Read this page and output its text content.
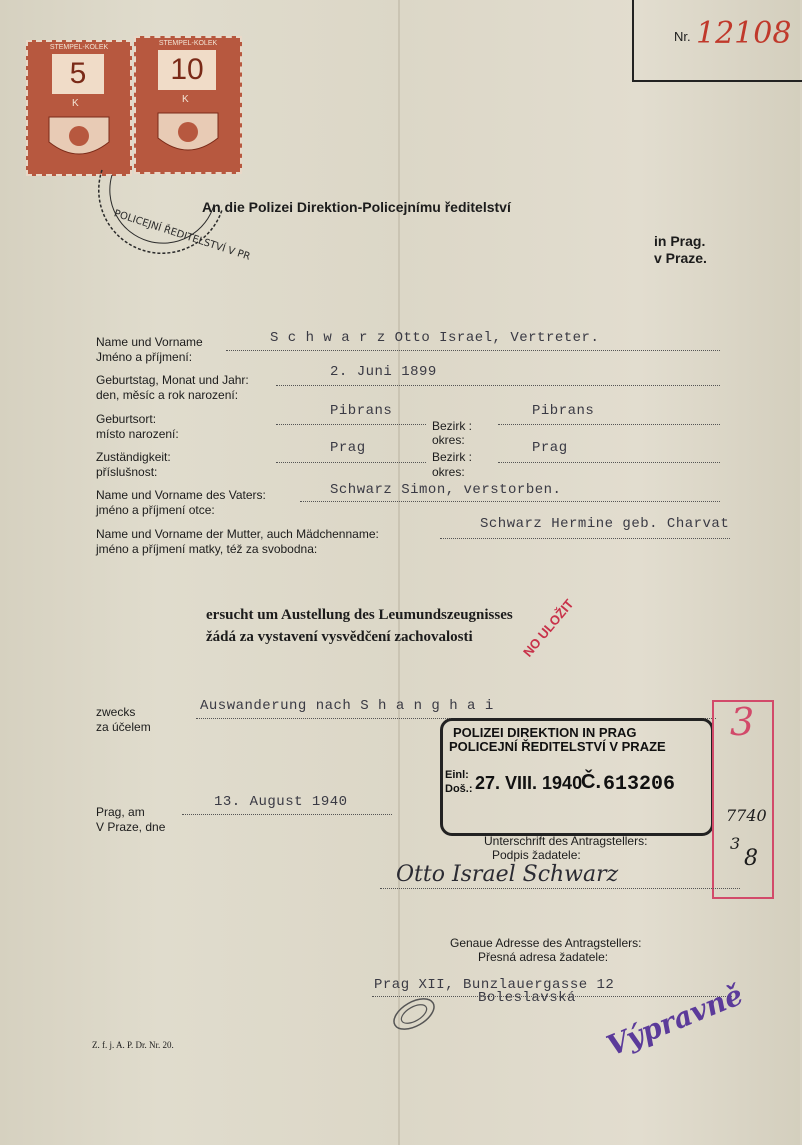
Nr. 12108
STEMPEL-KOLEK
5
K
STEMPEL-KOLEK
10
K
POLICEJNÍ ŘEDITELSTVÍ V PR
An die Polizei Direktion-Policejnímu ředitelství
in Prag.
v Praze.
Name und Vorname
Jméno a příjmení:
S c h w a r z Otto Israel, Vertreter.
Geburtstag, Monat und Jahr:
den, měsíc a rok narození:
2. Juni 1899
Geburtsort:
místo narození:
Pibrans
Bezirk :
okres:
Pibrans
Zuständigkeit:
příslušnost:
Prag
Bezirk :
okres:
Prag
Name und Vorname des Vaters:
jméno a příjmení otce:
Schwarz Simon, verstorben.
Name und Vorname der Mutter, auch Mädchenname:
jméno a příjmení matky, též za svobodna:
Schwarz Hermine geb. Charvat
ersucht um Austellung des Leumundszeugnisses
žádá za vystavení vysvědčení zachovalosti
zwecks
za účelem
Auswanderung nach S h a n g h a i
NO ULOŽIT
POLIZEI DIREKTION IN PRAG
POLICEJNÍ ŘEDITELSTVÍ V PRAZE
Einl:
Doš.: 27. VIII. 1940
Č. 613206
3
7740
3
8
Prag, am
V Praze, dne
13. August 1940
Unterschrift des Antragstellers:
Podpis žadatele:
Otto Israel Schwarz
Genaue Adresse des Antragstellers:
Přesná adresa žadatele:
Prag XII, Bunzlauergasse 12
Boleslavská
Z. f. j. A. P. Dr. Nr. 20.	Výpravně
